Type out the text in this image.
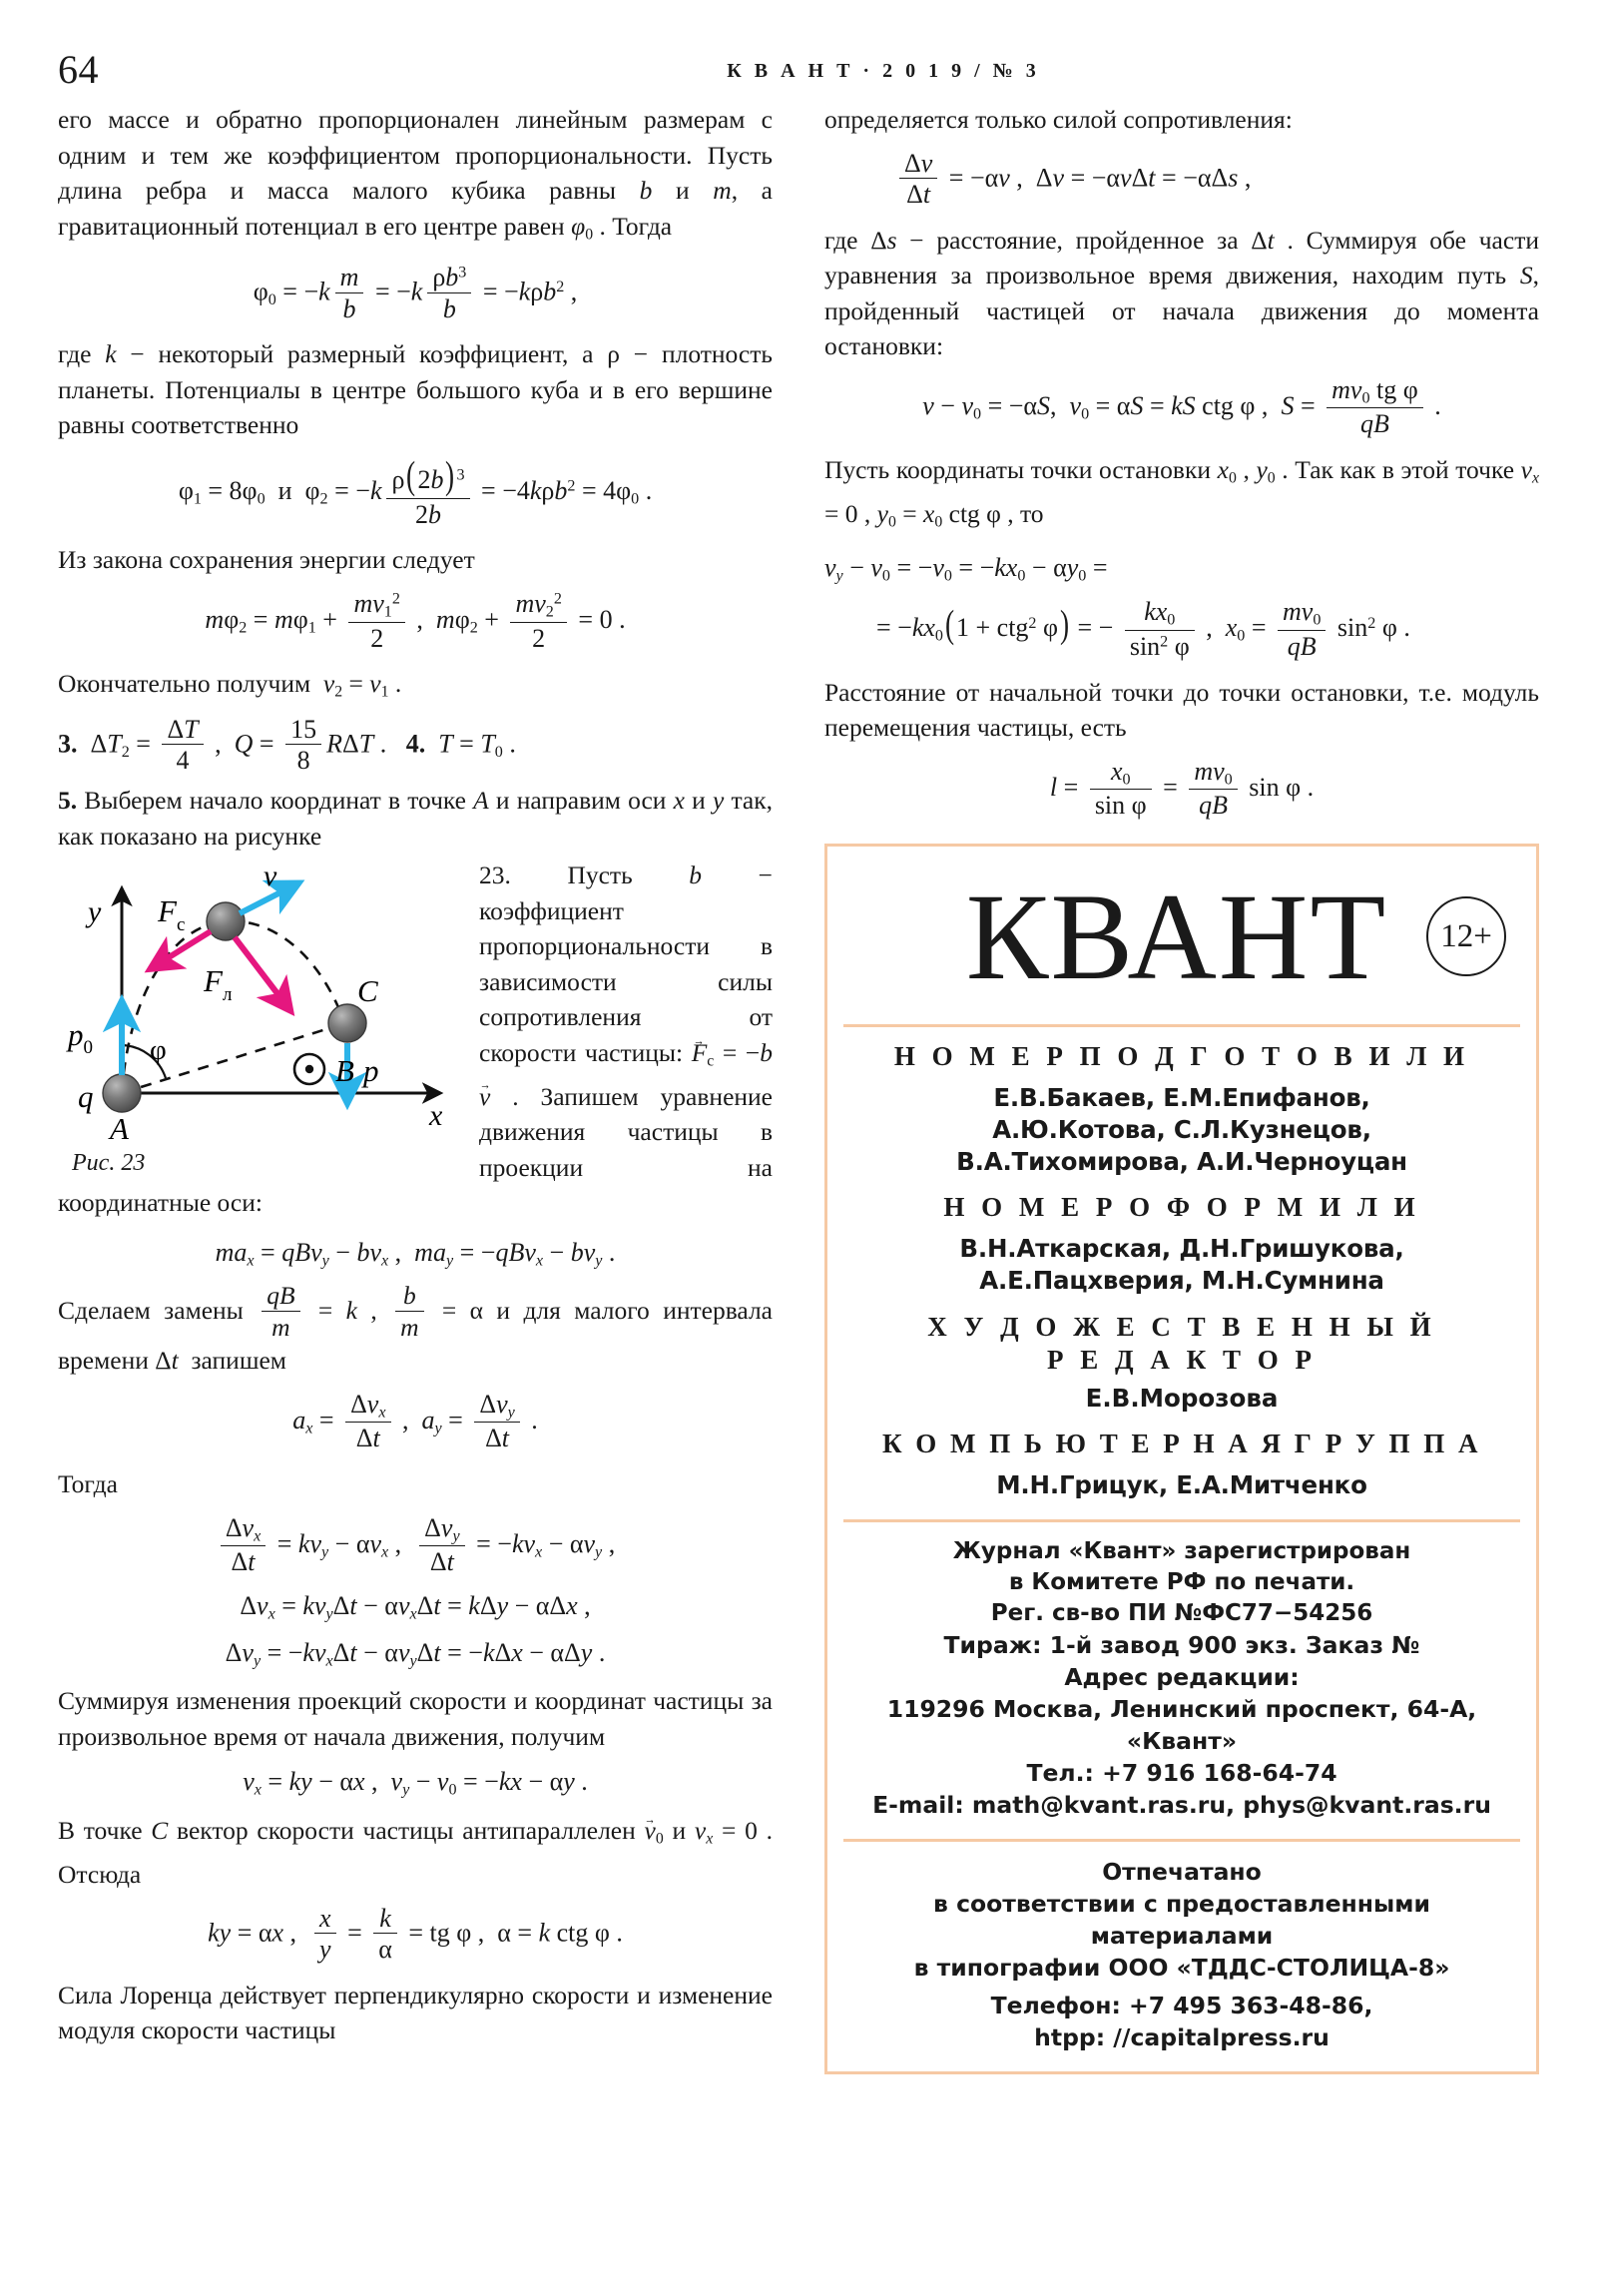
64	К В А Н Т · 2 0 1 9 / № 3

его массе и обратно пропорционален линейным размерам с одним и тем же коэффициентом пропорциональности. Пусть длина ребра и масса малого кубика равны b и m, а гравитационный потенциал в его центре равен $\varphi_0$ . Тогда

$\varphi_0 = -k \frac{m}{b} = -k \frac{\rho b^3}{b} = -k\rho b^2$ ,

где k − некоторый размерный коэффициент, а ρ − плотность планеты. Потенциалы в центре большого куба и в его вершине равны соответственно

$\varphi_1 = 8\varphi_0$  и  $\varphi_2 = -k \frac{\rho(2b) ^3}{2b} = -4k\rho b^2 = 4\varphi_0$ .

Из закона сохранения энергии следует

$m\varphi_2 = m\varphi_1 + \frac{mv_1^2}{2}$ ,  $m\varphi_2 + \frac{mv_2^2}{2} = 0$ .

Окончательно получим  $v_2 = v_1$ .

3.  $\Delta T_2 = \frac{\Delta T}{4}$ ,  $Q = \frac{15}{8}$ RΔT .   4. $T = T_0$ .

5. Выберем начало координат в точке A и направим оси x и y так, как показано на рисунке

y
x
v
$F_с$
$F_л$	C
p
$p_0$ φ
q
A
B
Рис. 23

23. Пусть b − коэффициент пропорциональности в зависимости силы сопротивления от скорости частицы: $F \to_с = -bv$ → . Запишем уравнение движения частицы в проекции на координатные оси:

$ma_x = qBv_y - bv_x$ ,  $ma_y = -qBv_x - bv_y$ .

Сделаем замены $\frac{qB}{m} = k$ , $\frac{b}{m} = \alpha$ и для малого интервала времени Δt  запишем

$a_x = \frac{\Delta v_x}{\Delta t}$ ,  $a_y = \frac{\Delta v_y}{\Delta t}$ .

Тогда

$\frac{\Delta v_x}{\Delta t} = kv_y - \alpha v_x$ , $\frac{\Delta v_y}{\Delta t} = -kv_x - \alpha v_y$ ,
$\Delta v_x = kv_y\Delta t - \alpha v_x\Delta t = k\Delta y - \alpha\Delta x$ ,
$\Delta v_y = -kv_x\Delta t - \alpha v_y\Delta t = -k\Delta x - \alpha\Delta y$ .

Суммируя изменения проекций скорости и координат частицы за произвольное время от начала движения, получим

$v_x$ = ky − αx ,  $v_y - v_0 = -kx - \alpha y$ .

В точке C вектор скорости частицы антипараллелен $v \to_0$ и $v_x = 0$ . Отсюда

ky = αx , $\frac{x}{y} = \frac{k}{\alpha}$ = tg φ ,  α = k ctg φ .

Сила Лоренца действует перпендикулярно скорости и изменение модуля скорости частицы

определяется только силой сопротивления:

$\frac{\Delta v}{\Delta t} = -\alpha v$ ,  Δv = −αvΔt = −αΔs ,

где Δs − расстояние, пройденное за Δt . Суммируя обе части уравнения за произвольное время движения, находим путь S, пройденный частицей от начала движения до момента остановки:

$v - v_0 = -\alpha S$,  $v_0 = \alpha S$ = kS ctg φ ,  $S = \frac{mv_0 tg \varphi}{qB}$ .

Пусть координаты точки остановки $x_0$ , $y_0$ . Так как в этой точке $v_x = 0$ , $y_0 = x_0$ ctg φ , то

$v_y - v_0 = -v_0 = -kx_0 - \alpha y_0$ =
= $-kx_0(1 + ctg^2$ φ) = − $\frac{kx_0}{\sin^2 \varphi}$ ,  $x_0 = \frac{mv_0}{qB} \sin^2 \varphi$ .

Расстояние от начальной точки до точки остановки, т.е. модуль перемещения частицы, есть

$l = \frac{x_0}{\text{sin φ}} = \frac{mv_0}{qB}$ sin φ .
КВАНТ	12+
Н О М Е Р П О Д Г О Т О В И Л И
Е.В.Бакаев, Е.М.Епифанов,
А.Ю.Котова, С.Л.Кузнецов,
В.А.Тихомирова, А.И.Черноуцан
Н О М Е Р О Ф О Р М И Л И
В.Н.Аткарская, Д.Н.Гришукова,
А.Е.Пацхверия, М.Н.Сумнина
Х У Д О Ж Е С Т В Е Н Н Ы Й
Р Е Д А К Т О Р
Е.В.Морозова
К О М П Ь Ю Т Е Р Н А Я Г Р У П П А
М.Н.Грицук, Е.А.Митченко
Журнал «Квант» зарегистрирован
в Комитете РФ по печати.
Рег. св-во ПИ №ФС77−54256
Тираж: 1-й завод 900 экз. Заказ №
Адрес редакции:
119296 Москва, Ленинский проспект, 64-А,
«Квант»
Тел.: +7 916 168-64-74
E-mail: math@kvant.ras.ru, phys@kvant.ras.ru
Отпечатано
в соответствии с предоставленными
материалами
в типографии ООО «ТДДС-СТОЛИЦА-8»
Телефон: +7 495 363-48-86,
htpp: //capitalpress.ru
